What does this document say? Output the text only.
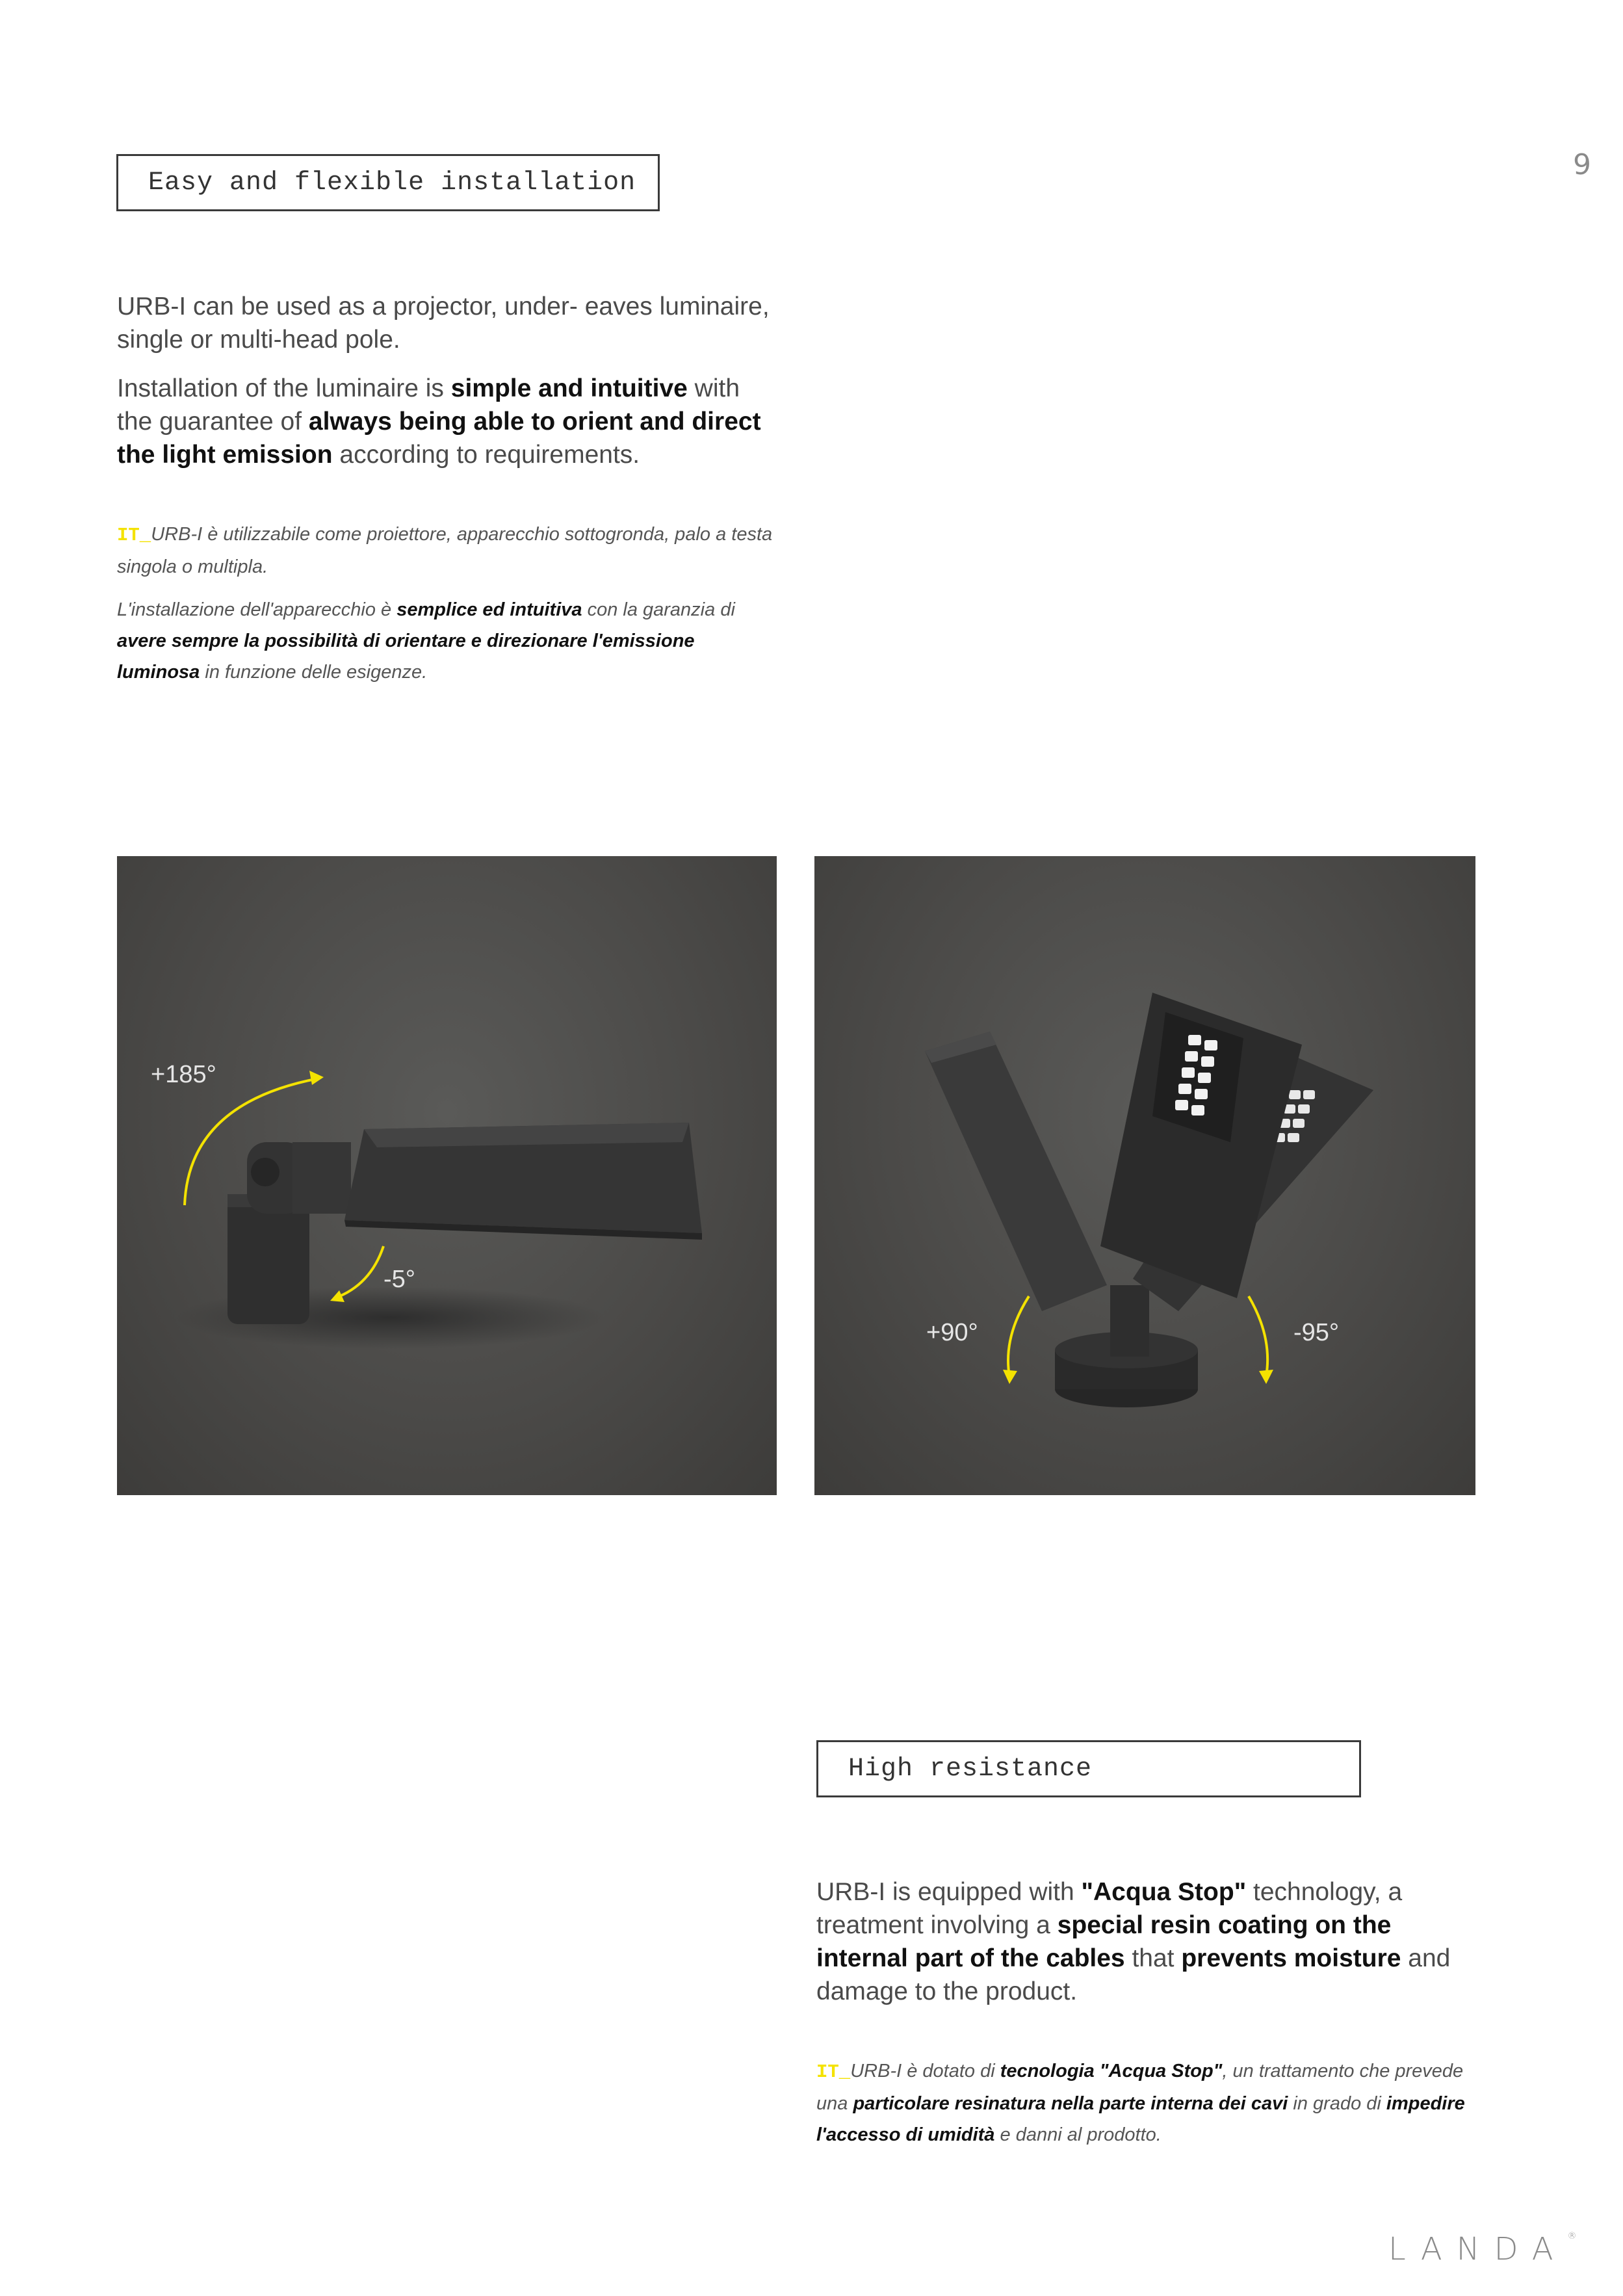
9
Easy and flexible installation

URB-I can be used as a projector, under- eaves luminaire, single or multi-head pole.

Installation of the luminaire is simple and intuitive with the guarantee of always being able to orient and direct the light emission according to requirements.

IT_URB-I è utilizzabile come proiettore, apparecchio sottogronda, palo a testa singola o multipla.

L'installazione dell'apparecchio è semplice ed intuitiva con la garanzia di avere sempre la possibilità di orientare e direzionare l'emissione luminosa in funzione delle esigenze.

+185°
-5°
+90°	-95°
High resistance

URB-I is equipped with "Acqua Stop" technology, a treatment involving a special resin coating on the internal part of the cables that prevents moisture and damage to the product.

IT_URB-I è dotato di tecnologia "Acqua Stop", un trattamento che prevede una particolare resinatura nella parte interna dei cavi in grado di impedire l'accesso di umidità e danni al prodotto.

LANDA®
